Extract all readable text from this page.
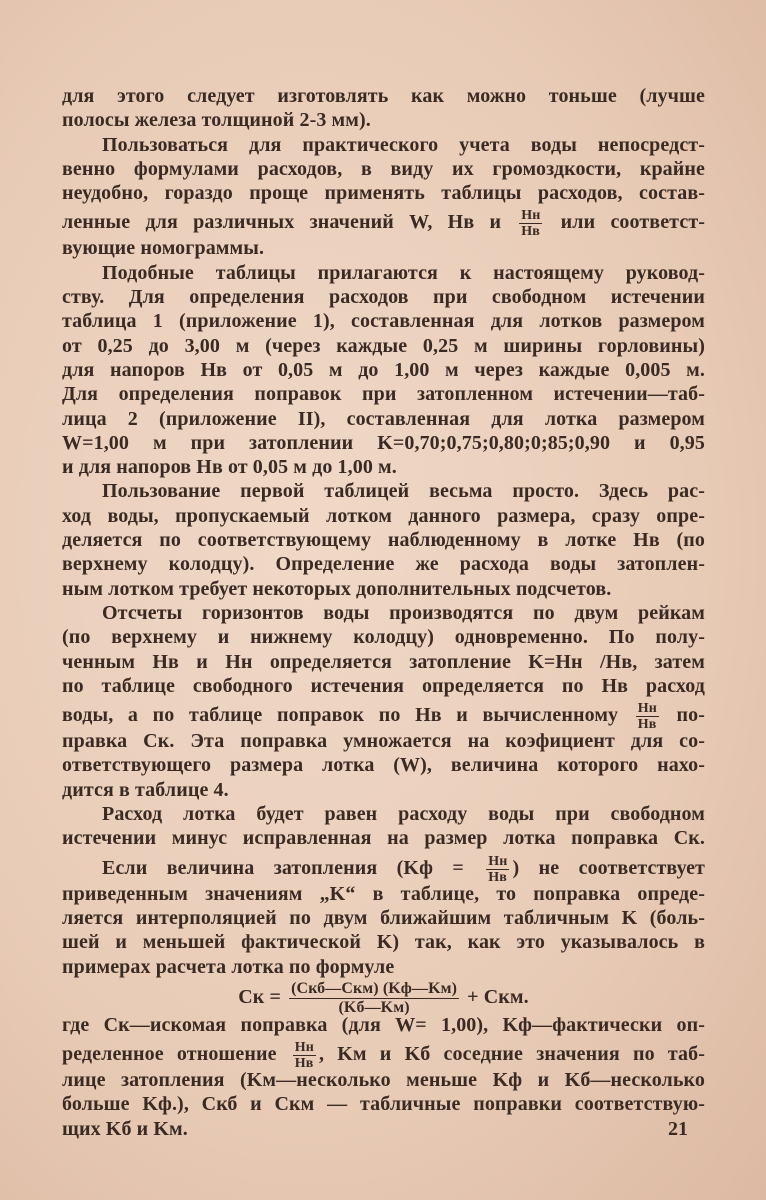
для этого следует изготовлять как можно тоньше (лучше
полосы железа толщиной 2-3 мм).
Пользоваться для практического учета воды непосредст-
венно формулами расходов, в виду их громоздкости, крайне
неудобно, гораздо проще применять таблицы расходов, состав-
ленные для различных значений W, Hв и $\frac{Hн}{Hв}$ или соответст-
вующие номограммы.
Подобные таблицы прилагаются к настоящему руковод-
ству. Для определения расходов при свободном истечении
таблица 1 (приложение 1), составленная для лотков размером
от 0,25 до 3,00 м (через каждые 0,25 м ширины горловины)
для напоров Hв от 0,05 м до 1,00 м через каждые 0,005 м.
Для определения поправок при затопленном истечении—таб-
лица 2 (приложение II), составленная для лотка размером
W=1,00 м при затоплении K=0,70;0,75;0,80;0;85;0,90 и 0,95
и для напоров Hв от 0,05 м до 1,00 м.
Пользование первой таблицей весьма просто. Здесь рас-
ход воды, пропускаемый лотком данного размера, сразу опре-
деляется по соответствующему наблюденному в лотке Hв (по
верхнему колодцу). Определение же расхода воды затоплен-
ным лотком требует некоторых дополнительных подсчетов.
Отсчеты горизонтов воды производятся по двум рейкам
(по верхнему и нижнему колодцу) одновременно. По полу-
ченным Hв и Hн определяется затопление K=Hн /Hв, затем
по таблице свободного истечения определяется по Hв расход
воды, а по таблице поправок по Hв и вычисленному $\frac{Hн}{Hв} по-$
правка Cк. Эта поправка умножается на коэфициент для со-
ответствующего размера лотка (W), величина которого нахо-
дится в таблице 4.
Расход лотка будет равен расходу воды при свободном
истечении минус исправленная на размер лотка поправка Cк.
Если величина затопления ($Kф = \frac{Hн}{Hв}$ ) не соответствует
приведенным значениям „K“ в таблице, то поправка опреде-
ляется интерполяцией по двум ближайшим табличным K (боль-
шей и меньшей фактической K) так, как это указывалось в
примерах расчета лотка по формуле
Cк = $\frac{\text{(Cкб—Cкм) (Kф—Kм)}}{(Kб—Kм)}$ + Cкм.
где Cк—искомая поправка (для W= 1,00), Kф—фактически оп-
ределенное отношение $\frac{Hн}{Hв}$ , Kм и Kб соседние значения по таб-
лице затопления (Kм—несколько меньше Kф и Kб—несколько
больше Kф.), Cкб и Cкм — табличные поправки соответствую-
щих Kб и Kм.	21
